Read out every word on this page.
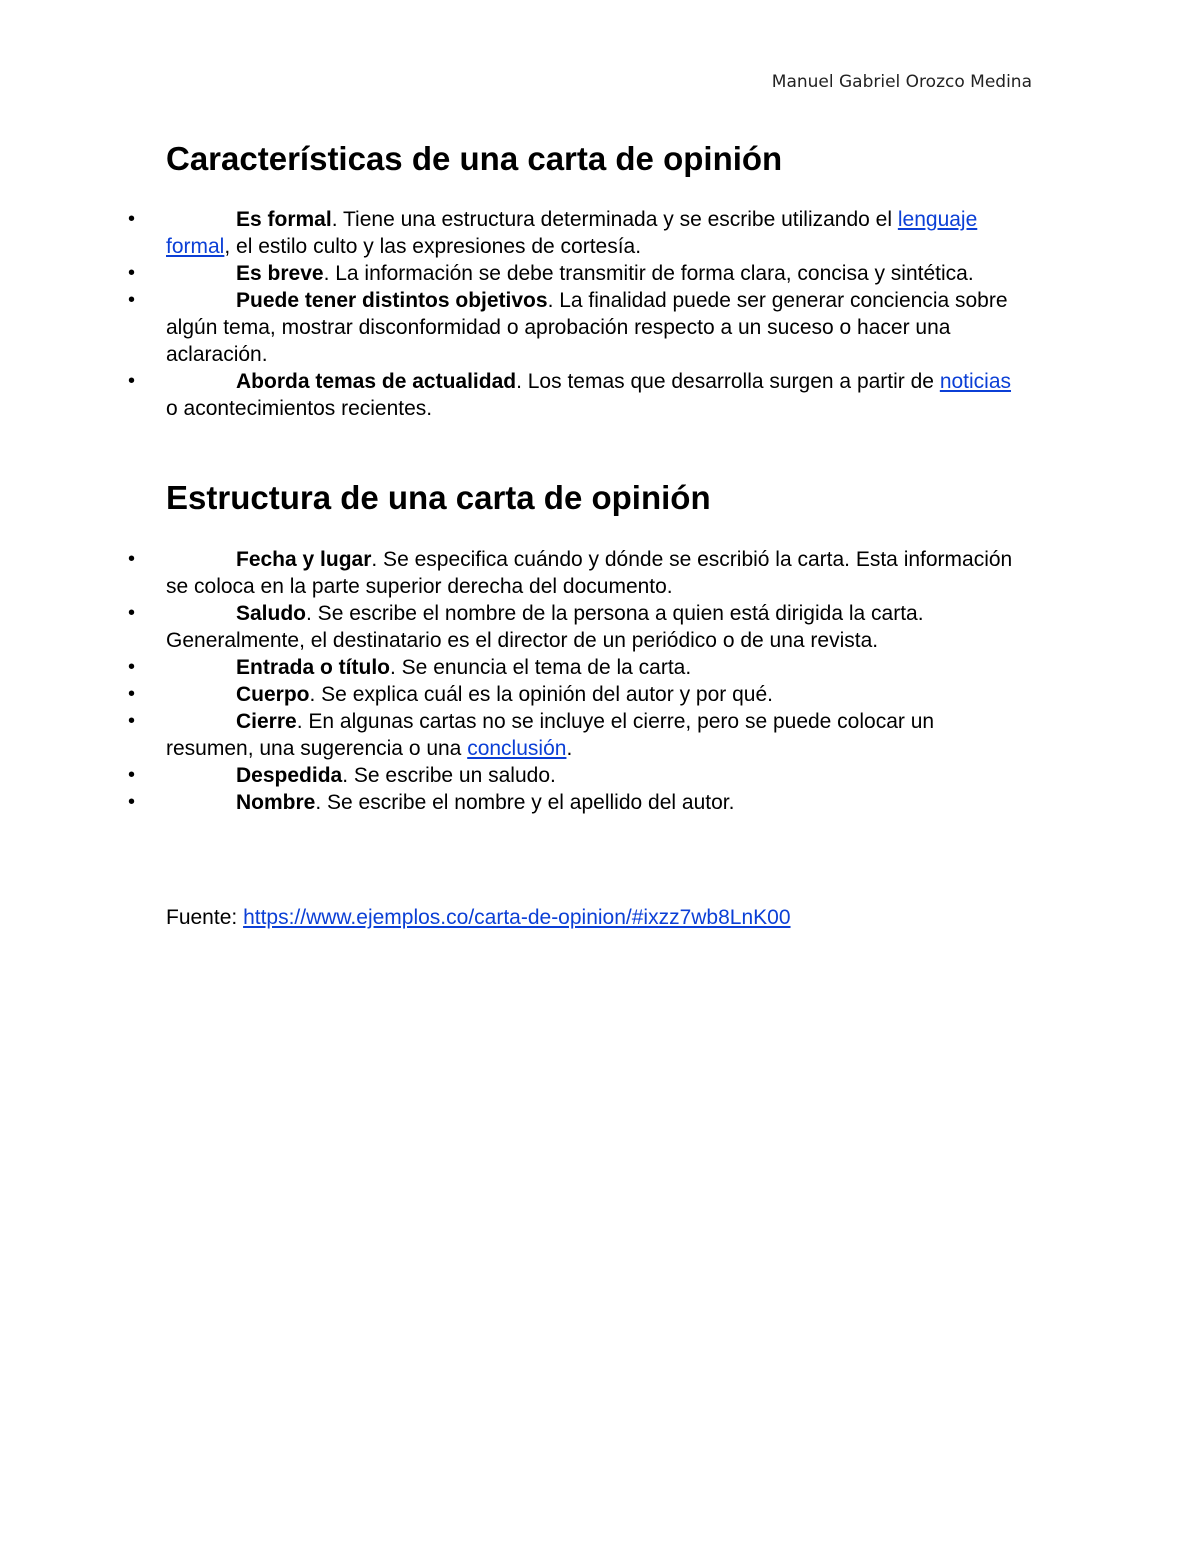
Manuel Gabriel Orozco Medina
Características de una carta de opinión
•	Es formal. Tiene una estructura determinada y se escribe utilizando el lenguaje formal, el estilo culto y las expresiones de cortesía.
•	Es breve. La información se debe transmitir de forma clara, concisa y sintética.
•	Puede tener distintos objetivos. La finalidad puede ser generar conciencia sobre algún tema, mostrar disconformidad o aprobación respecto a un suceso o hacer una aclaración.
•	Aborda temas de actualidad. Los temas que desarrolla surgen a partir de noticias o acontecimientos recientes.
Estructura de una carta de opinión
•	Fecha y lugar. Se especifica cuándo y dónde se escribió la carta. Esta información se coloca en la parte superior derecha del documento.
•	Saludo. Se escribe el nombre de la persona a quien está dirigida la carta. Generalmente, el destinatario es el director de un periódico o de una revista.
•	Entrada o título. Se enuncia el tema de la carta.
•	Cuerpo. Se explica cuál es la opinión del autor y por qué.
•	Cierre. En algunas cartas no se incluye el cierre, pero se puede colocar un resumen, una sugerencia o una conclusión.
•	Despedida. Se escribe un saludo.
•	Nombre. Se escribe el nombre y el apellido del autor.
Fuente: https://www.ejemplos.co/carta-de-opinion/#ixzz7wb8LnK00
